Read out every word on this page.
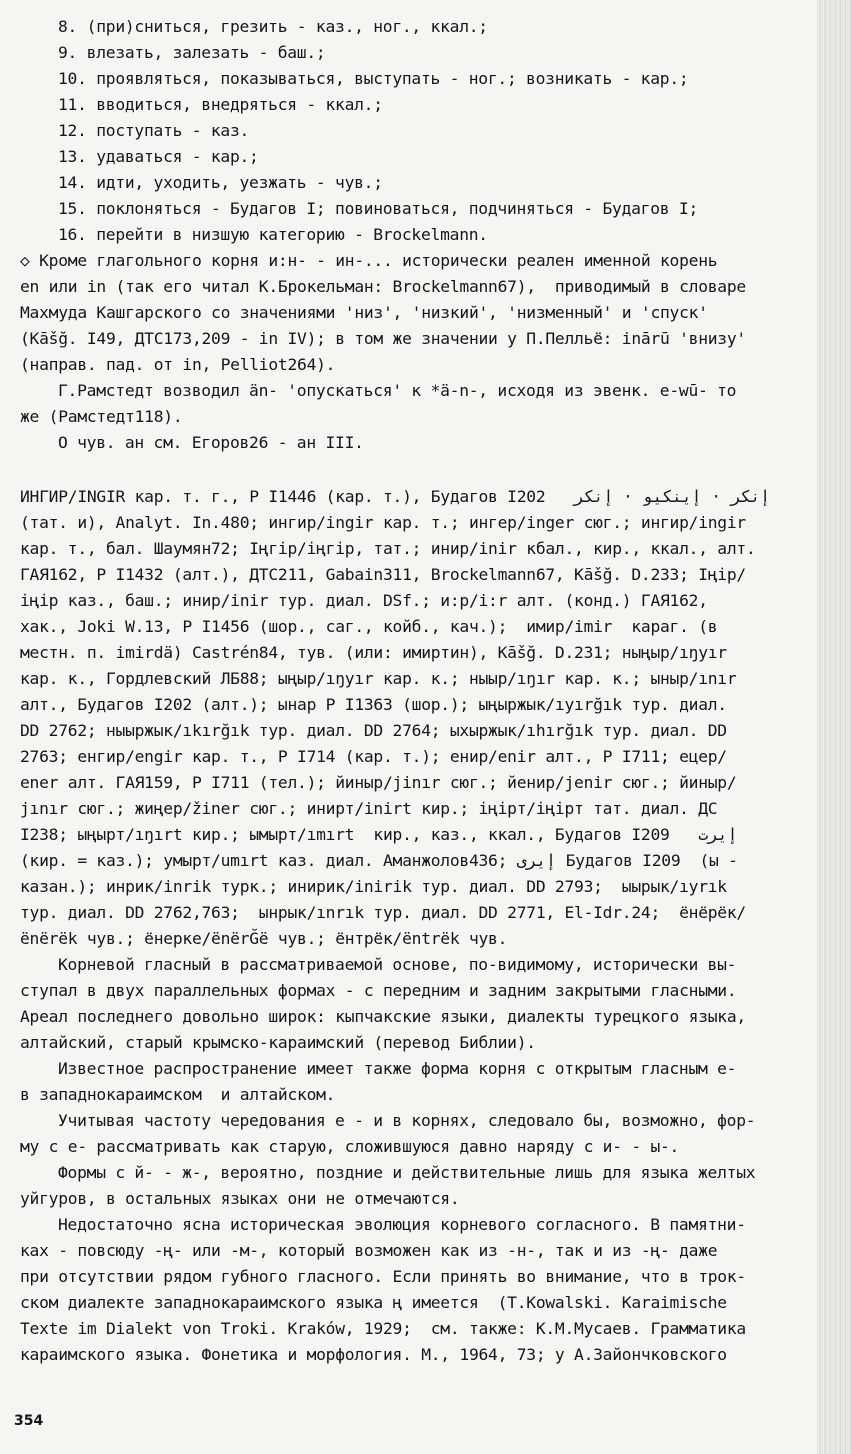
8. (при)сниться, грезить - каз., ног., ккал.;
9. влезать, залезать - баш.;
10. проявляться, показываться, выступать - ног.; возникать - кар.;
11. вводиться, внедряться - ккал.;
12. поступать - каз.
13. удаваться - кар.;
14. идти, уходить, уезжать - чув.;
15. поклоняться - Будагов I; повиноваться, подчиняться - Будагов I;
16. перейти в низшую категорию - Brockelmann.
◇ Кроме глагольного корня и:н- - ин-... исторически реален именной корень
en или in (так его читал К.Брокельман: Brockelmann67),  приводимый в словаре
Махмуда Кашгарского со значениями 'низ', 'низкий', 'низменный' и 'спуск'
(Kāšğ. I49, ДТС173,209 - in IV); в том же значении у П.Пелльё: inārū 'внизу'
(направ. пад. от in, Pelliot264).
Г.Рамстедт возводил än- 'опускаться' к *ä-n-, исходя из эвенк. e-wū- то
же (Рамстедт118).
О чув. ан см. Егоров26 - ан III.
ИНГИР/INGIR кар. т. г., Р I1446 (кар. т.), Будагов I202   إنكر · إينكيو · إنكر
(тат. и), Analyt. In.480; ингир/ingir кар. т.; ингер/inger сюг.; ингир/ingir
кар. т., бал. Шаумян72; Іңгір/іңгір, тат.; инир/inir кбал., кир., ккал., алт.
ГАЯ162, Р I1432 (алт.), ДТС211, Gabain311, Brockelmann67, Kāšğ. D.233; Іңір/
іңір каз., баш.; инир/inir тур. диал. DSf.; и:р/i:r алт. (конд.) ГАЯ162,
хак., Joki W.13, Р I1456 (шор., саг., койб., кач.);  имир/imir  караг. (в
местн. п. imirdä) Castrén84, тув. (или: имиртин), Kāšğ. D.231; ныңыр/ıŋyır
кар. к., Гордлевский ЛБ88; ыңыр/ıŋyır кар. к.; ныыр/ıŋır кар. к.; ыныр/ınır
алт., Будагов I202 (алт.); ынар Р I1363 (шор.); ыңыржык/ıyırğık тур. диал.
DD 2762; ныыржык/ıkırğık тур. диал. DD 2764; ыхыржык/ıhırğık тур. диал. DD
2763; енгир/engir кар. т., Р I714 (кар. т.); енир/enir алт., Р I711; ецер/
ener алт. ГАЯ159, Р I711 (тел.); йиныр/jinır сюг.; йенир/jenir сюг.; йиныр/
jınır сюг.; жиңер/žiner сюг.; инирт/inirt кир.; іңірт/іңірт тат. диал. ДС
I238; ыңырт/ıŋırt кир.; ымырт/ımırt  кир., каз., ккал., Будагов I209   إيرت
(кир. = каз.); умырт/umırt каз. диал. Аманжолов436; إيرى Будагов I209  (ы -
казан.); инрик/inrik туpк.; инирик/inirik тур. диал. DD 2793;  ыырык/ıyrık
тур. диал. DD 2762,763;  ынрык/ınrık тур. диал. DD 2771, El-Idr.24;  ёнёрёк/
ënërëk чув.; ёнерке/ënërĞë чув.; ёнтрёк/ëntrëk чув.
Корневой гласный в рассматриваемой основе, по-видимому, исторически вы-
ступал в двух параллельных формах - с передним и задним закрытыми гласными.
Ареал последнего довольно широк: кыпчакские языки, диалекты турецкого языка,
алтайский, старый крымско-караимский (перевод Библии).
Известное распространение имеет также форма корня с открытым гласным е-
в западнокараимском  и алтайском.
Учитывая частоту чередования е - и в корнях, следовало бы, возможно, фор-
му с е- рассматривать как старую, сложившуюся давно наряду с и- - ы-.
Формы с й- - ж-, вероятно, поздние и действительные лишь для языка желтых
уйгуров, в остальных языках они не отмечаются.
Недостаточно ясна историческая эволюция корневого согласного. В памятни-
ках - повсюду -ң- или -м-, который возможен как из -н-, так и из -ң- даже
при отсутствии рядом губного гласного. Если принять во внимание, что в трок-
ском диалекте западнокараимского языка ң имеется  (T.Kowalski. Karaimische
Texte im Dialekt von Troki. Kraków, 1929;  см. также: К.М.Мусаев. Грамматика
караимского языка. Фонетика и морфология. М., 1964, 73; у А.Зайончковского
354
